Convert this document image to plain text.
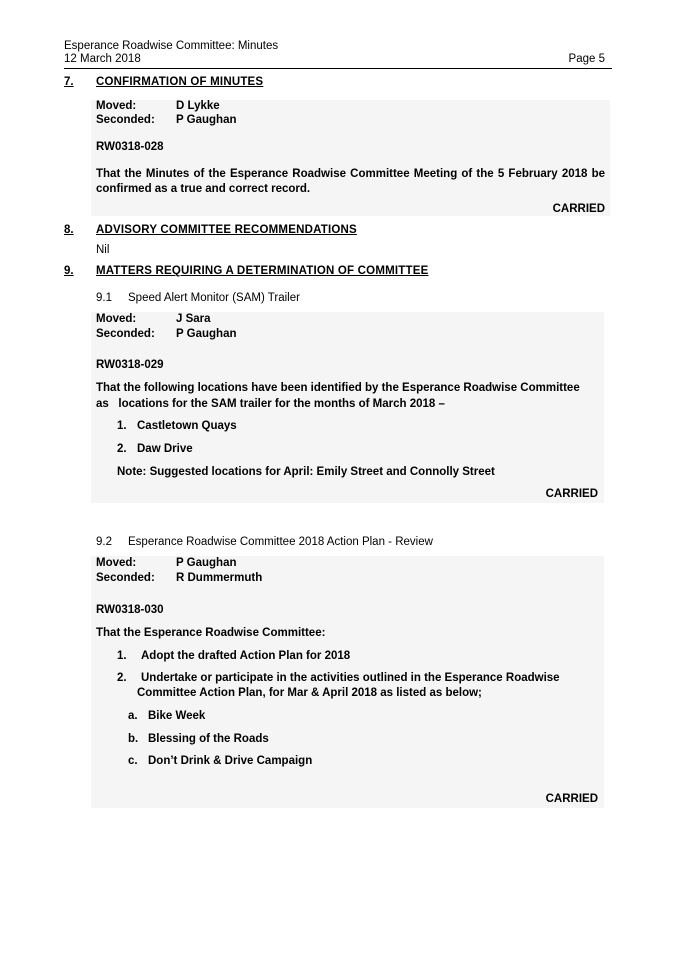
Esperance Roadwise Committee: Minutes
12 March 2018	Page 5
7. CONFIRMATION OF MINUTES
Moved:	D Lykke
Seconded: P Gaughan
RW0318-028
That the Minutes of the Esperance Roadwise Committee Meeting of the 5 February 2018 be confirmed as a true and correct record.
CARRIED
8. ADVISORY COMMITTEE RECOMMENDATIONS
Nil
9. MATTERS REQUIRING A DETERMINATION OF COMMITTEE
9.1 Speed Alert Monitor (SAM) Trailer
Moved:	J Sara
Seconded: P Gaughan
RW0318-029
That the following locations have been identified by the Esperance Roadwise Committee
as   locations for the SAM trailer for the months of March 2018 –
1. Castletown Quays
2. Daw Drive
Note: Suggested locations for April: Emily Street and Connolly Street
CARRIED
9.2 Esperance Roadwise Committee 2018 Action Plan - Review
Moved:	P Gaughan
Seconded: R Dummermuth
RW0318-030
That the Esperance Roadwise Committee:
1. Adopt the drafted Action Plan for 2018
2. Undertake or participate in the activities outlined in the Esperance Roadwise
Committee Action Plan, for Mar & April 2018 as listed as below;
a. Bike Week
b. Blessing of the Roads
c. Don’t Drink & Drive Campaign
CARRIED
